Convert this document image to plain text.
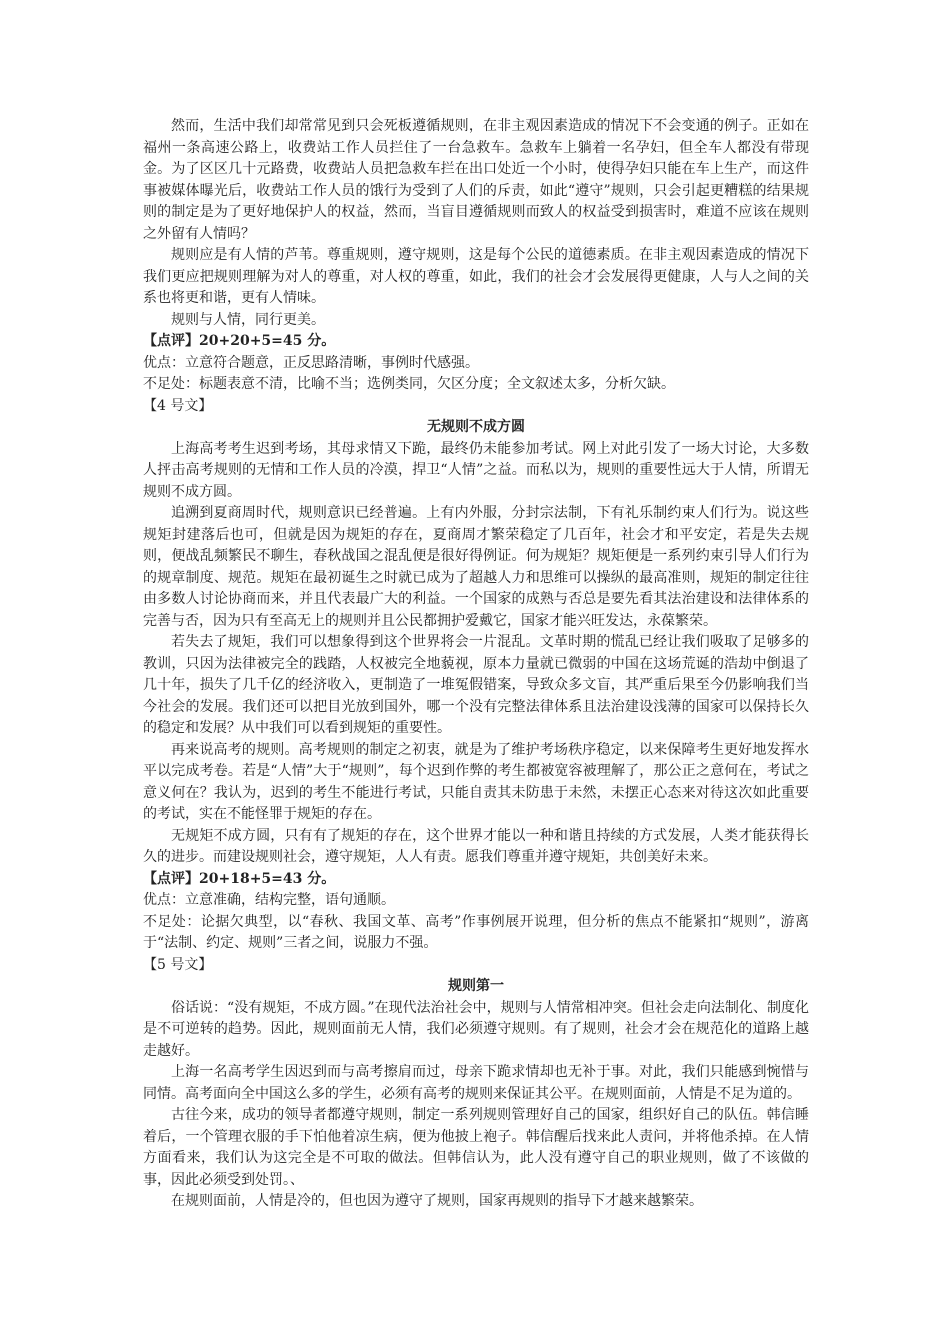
然而，生活中我们却常常见到只会死板遵循规则，在非主观因素造成的情况下不会变通的例子。正如在福州一条高速公路上，收费站工作人员拦住了一台急救车。急救车上躺着一名孕妇，但全车人都没有带现金。为了区区几十元路费，收费站人员把急救车拦在出口处近一个小时，使得孕妇只能在车上生产，而这件事被媒体曝光后，收费站工作人员的饿行为受到了人们的斥责，如此“遵守”规则，只会引起更糟糕的结果规则的制定是为了更好地保护人的权益，然而，当盲目遵循规则而致人的权益受到损害时，难道不应该在规则之外留有人情吗？

规则应是有人情的芦苇。尊重规则，遵守规则，这是每个公民的道德素质。在非主观因素造成的情况下我们更应把规则理解为对人的尊重，对人权的尊重，如此，我们的社会才会发展得更健康，人与人之间的关系也将更和谐，更有人情味。

规则与人情，同行更美。

【点评】20+20+5=45 分。

优点：立意符合题意，正反思路清晰，事例时代感强。

不足处：标题表意不清，比喻不当；选例类同，欠区分度；全文叙述太多，分析欠缺。

【4 号文】

无规则不成方圆

上海高考考生迟到考场，其母求情又下跪，最终仍未能参加考试。网上对此引发了一场大讨论，大多数人抨击高考规则的无情和工作人员的冷漠，捍卫“人情”之益。而私以为，规则的重要性远大于人情，所谓无规则不成方圆。

追溯到夏商周时代，规则意识已经普遍。上有内外服，分封宗法制，下有礼乐制约束人们行为。说这些规矩封建落后也可，但就是因为规矩的存在，夏商周才繁荣稳定了几百年，社会才和平安定，若是失去规则，便战乱频繁民不聊生，春秋战国之混乱便是很好得例证。何为规矩？规矩便是一系列约束引导人们行为的规章制度、规范。规矩在最初诞生之时就已成为了超越人力和思维可以操纵的最高准则，规矩的制定往往由多数人讨论协商而来，并且代表最广大的利益。一个国家的成熟与否总是要先看其法治建设和法律体系的完善与否，因为只有至高无上的规则并且公民都拥护爱戴它，国家才能兴旺发达，永葆繁荣。

若失去了规矩，我们可以想象得到这个世界将会一片混乱。文革时期的慌乱已经让我们吸取了足够多的教训，只因为法律被完全的践踏，人权被完全地藐视，原本力量就已微弱的中国在这场荒诞的浩劫中倒退了几十年，损失了几千亿的经济收入，更制造了一堆冤假错案，导致众多文盲，其严重后果至今仍影响我们当今社会的发展。我们还可以把目光放到国外，哪一个没有完整法律体系且法治建设浅薄的国家可以保持长久的稳定和发展？从中我们可以看到规矩的重要性。

再来说高考的规则。高考规则的制定之初衷，就是为了维护考场秩序稳定，以来保障考生更好地发挥水平以完成考卷。若是“人情”大于“规则”，每个迟到作弊的考生都被宽容被理解了，那公正之意何在，考试之意义何在？我认为，迟到的考生不能进行考试，只能自责其未防患于未然，未摆正心态来对待这次如此重要的考试，实在不能怪罪于规矩的存在。

无规矩不成方圆，只有有了规矩的存在，这个世界才能以一种和谐且持续的方式发展，人类才能获得长久的进步。而建设规则社会，遵守规矩，人人有责。愿我们尊重并遵守规矩，共创美好未来。

【点评】20+18+5=43 分。

优点：立意准确，结构完整，语句通顺。

不足处：论据欠典型，以“春秋、我国文革、高考”作事例展开说理，但分析的焦点不能紧扣“规则”，游离于“法制、约定、规则”三者之间，说服力不强。

【5 号文】

规则第一

俗话说：“没有规矩，不成方圆。”在现代法治社会中，规则与人情常相冲突。但社会走向法制化、制度化是不可逆转的趋势。因此，规则面前无人情，我们必须遵守规则。有了规则，社会才会在规范化的道路上越走越好。

上海一名高考学生因迟到而与高考擦肩而过，母亲下跪求情却也无补于事。对此，我们只能感到惋惜与同情。高考面向全中国这么多的学生，必须有高考的规则来保证其公平。在规则面前，人情是不足为道的。

古往今来，成功的领导者都遵守规则，制定一系列规则管理好自己的国家，组织好自己的队伍。韩信睡着后，一个管理衣服的手下怕他着凉生病，便为他披上袍子。韩信醒后找来此人责问，并将他杀掉。在人情方面看来，我们认为这完全是不可取的做法。但韩信认为，此人没有遵守自己的职业规则，做了不该做的事，因此必须受到处罚。、

在规则面前，人情是冷的，但也因为遵守了规则，国家再规则的指导下才越来越繁荣。
